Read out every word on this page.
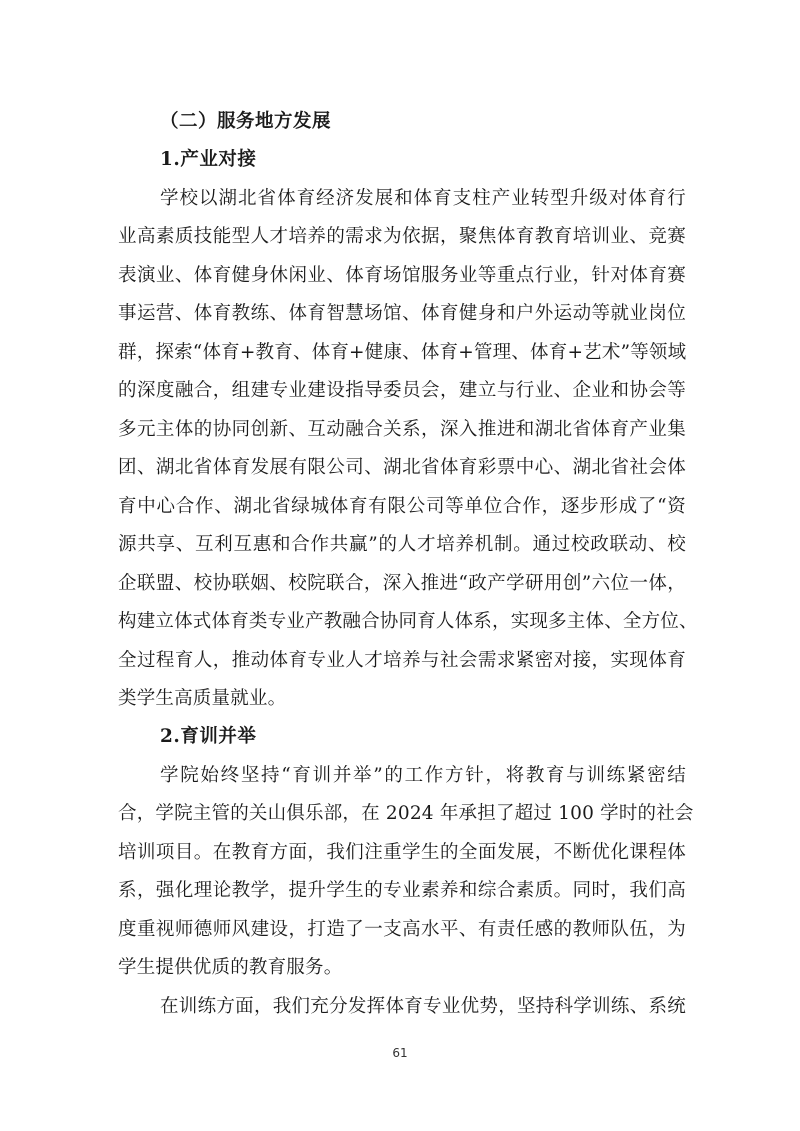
（二）服务地方发展
1.产业对接
学校以湖北省体育经济发展和体育支柱产业转型升级对体育行
业高素质技能型人才培养的需求为依据，聚焦体育教育培训业、竞赛
表演业、体育健身休闲业、体育场馆服务业等重点行业，针对体育赛
事运营、体育教练、体育智慧场馆、体育健身和户外运动等就业岗位
群，探索“体育+教育、体育+健康、体育+管理、体育+艺术”等领域
的深度融合，组建专业建设指导委员会，建立与行业、企业和协会等
多元主体的协同创新、互动融合关系，深入推进和湖北省体育产业集
团、湖北省体育发展有限公司、湖北省体育彩票中心、湖北省社会体
育中心合作、湖北省绿城体育有限公司等单位合作，逐步形成了“资
源共享、互利互惠和合作共赢”的人才培养机制。通过校政联动、校
企联盟、校协联姻、校院联合，深入推进“政产学研用创”六位一体，
构建立体式体育类专业产教融合协同育人体系，实现多主体、全方位、
全过程育人，推动体育专业人才培养与社会需求紧密对接，实现体育
类学生高质量就业。
2.育训并举
学院始终坚持“育训并举”的工作方针，将教育与训练紧密结
合，学院主管的关山俱乐部，在 2024 年承担了超过 100 学时的社会
培训项目。在教育方面，我们注重学生的全面发展，不断优化课程体
系，强化理论教学，提升学生的专业素养和综合素质。同时，我们高
度重视师德师风建设，打造了一支高水平、有责任感的教师队伍，为
学生提供优质的教育服务。
在训练方面，我们充分发挥体育专业优势，坚持科学训练、系统
61
